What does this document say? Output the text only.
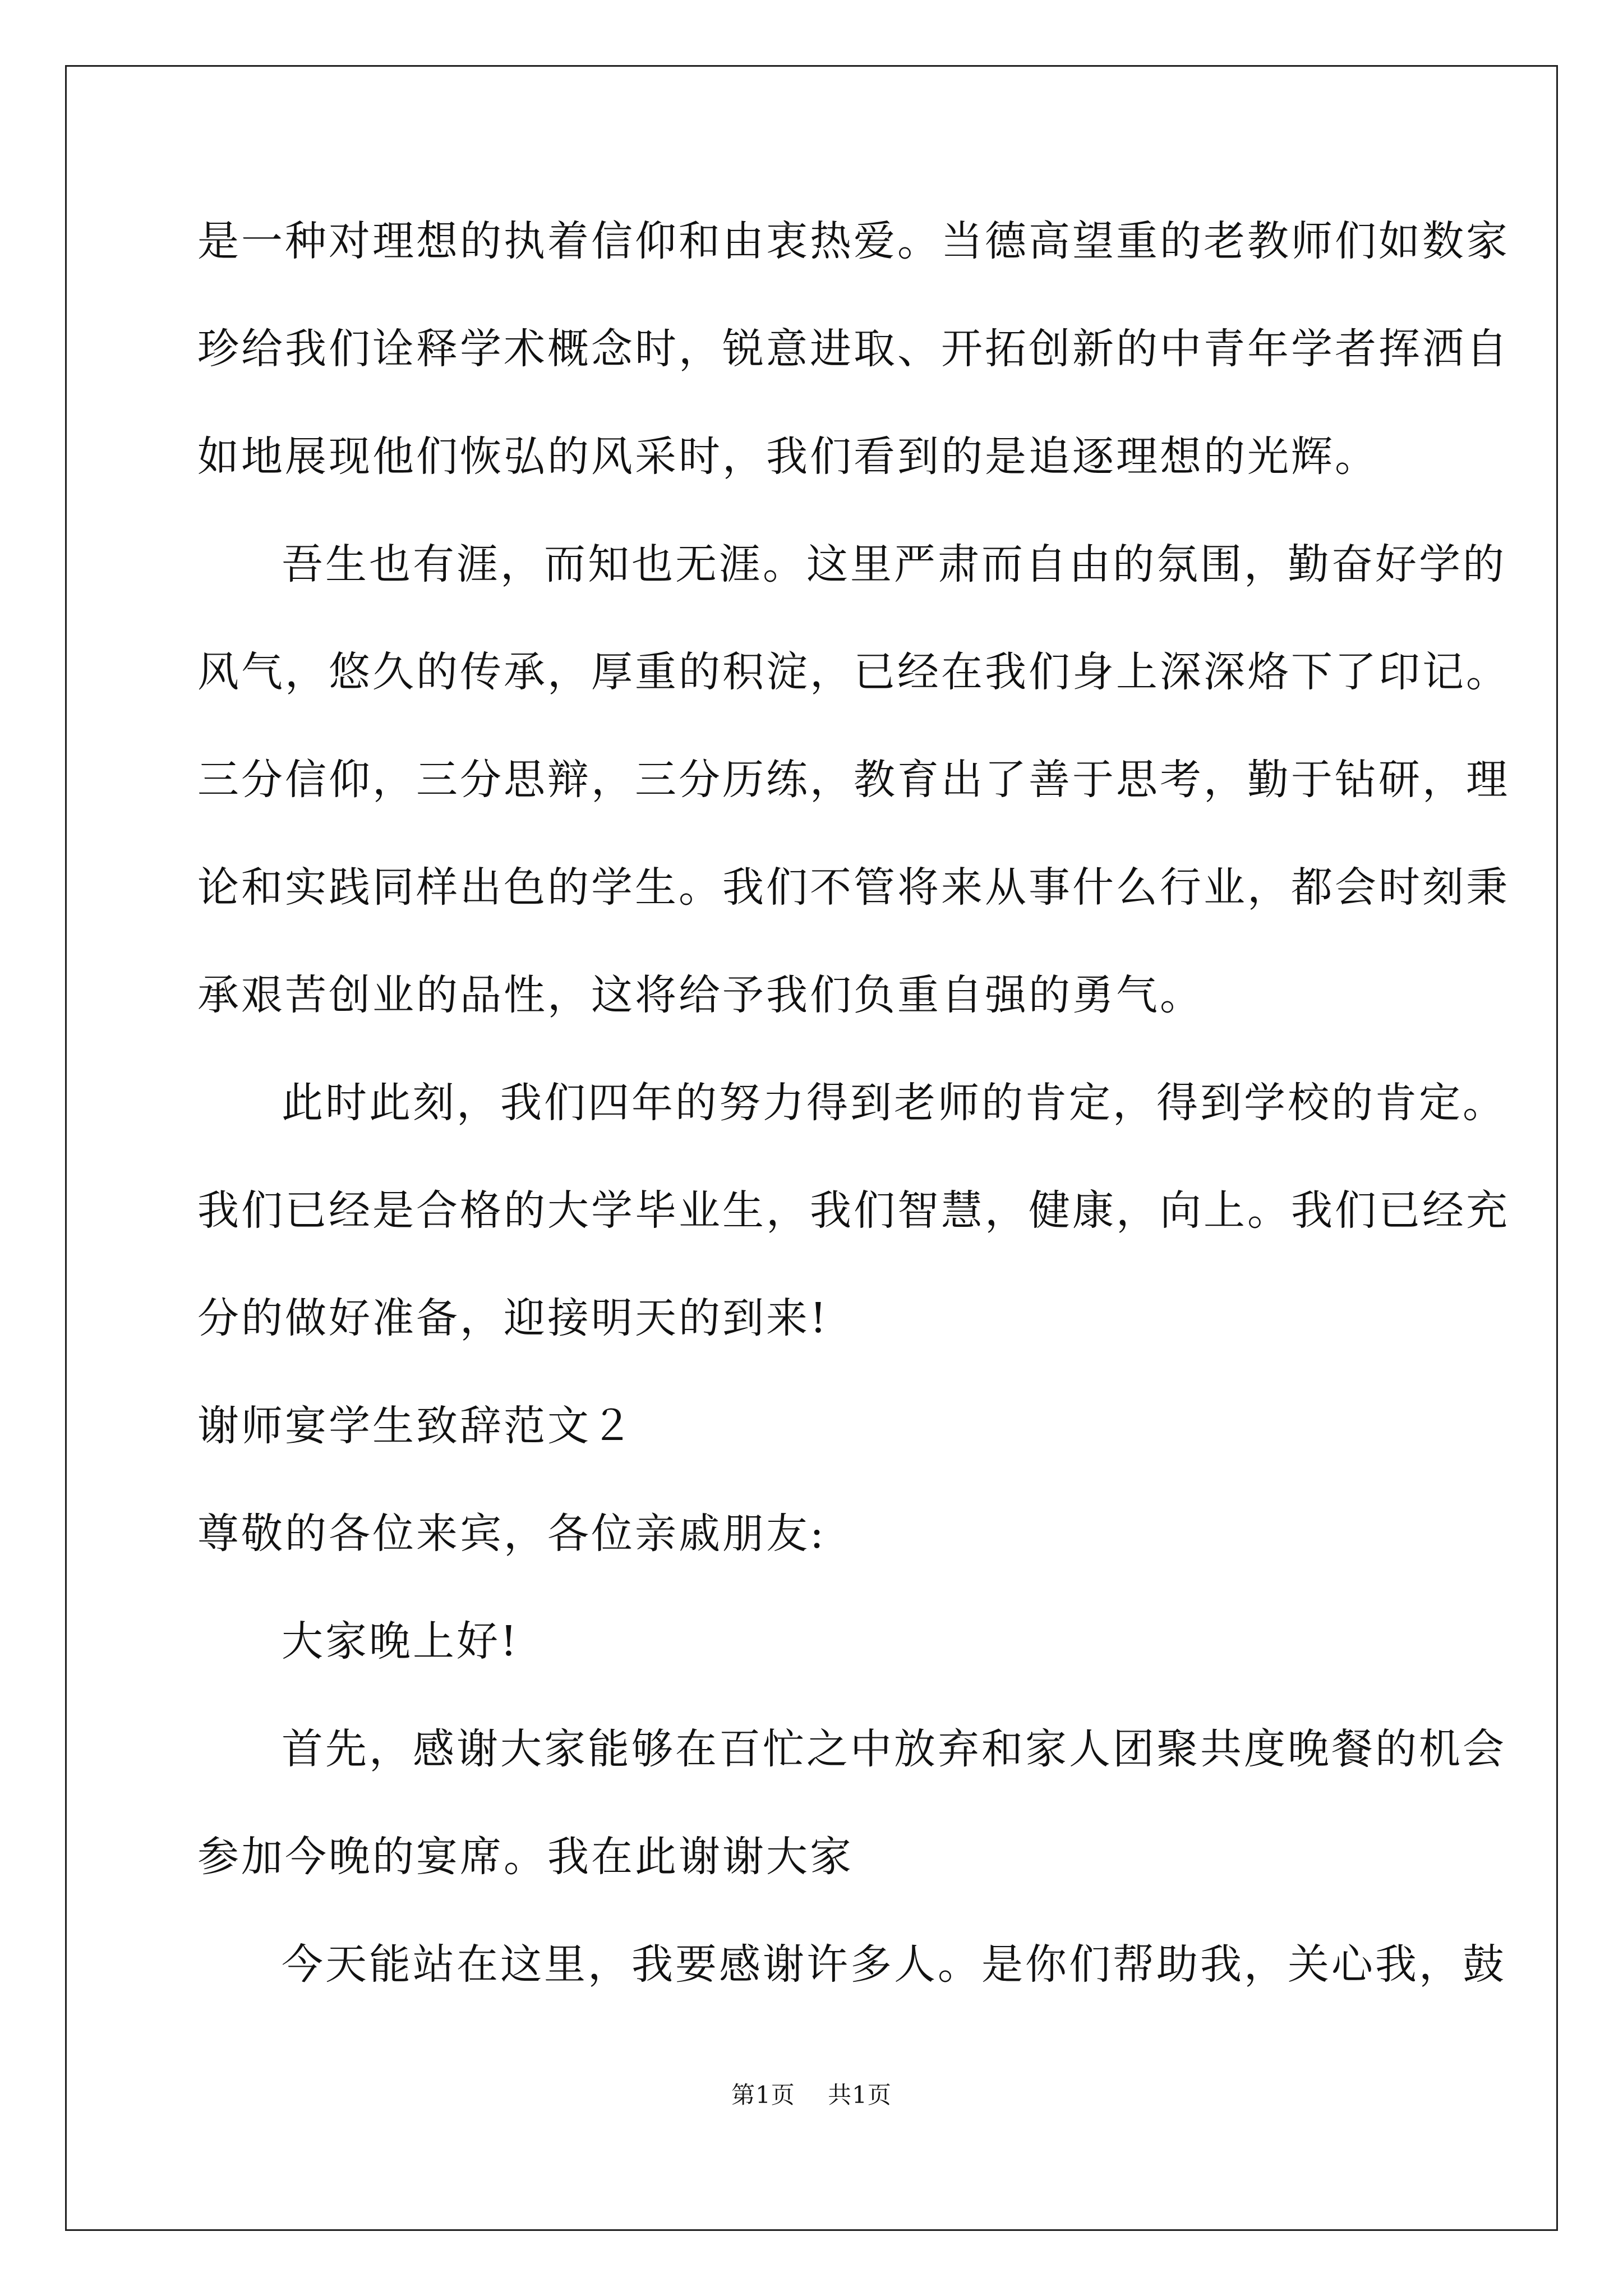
是一种对理想的执着信仰和由衷热爱。当德高望重的老教师们如数家
珍给我们诠释学术概念时，锐意进取、开拓创新的中青年学者挥洒自
如地展现他们恢弘的风采时，我们看到的是追逐理想的光辉。
吾生也有涯，而知也无涯。这里严肃而自由的氛围，勤奋好学的
风气，悠久的传承，厚重的积淀，已经在我们身上深深烙下了印记。
三分信仰，三分思辩，三分历练，教育出了善于思考，勤于钻研，理
论和实践同样出色的学生。我们不管将来从事什么行业，都会时刻秉
承艰苦创业的品性，这将给予我们负重自强的勇气。
此时此刻，我们四年的努力得到老师的肯定，得到学校的肯定。
我们已经是合格的大学毕业生，我们智慧，健康，向上。我们已经充
分的做好准备，迎接明天的到来!
谢师宴学生致辞范文２
尊敬的各位来宾，各位亲戚朋友:
大家晚上好!
首先，感谢大家能够在百忙之中放弃和家人团聚共度晚餐的机会
参加今晚的宴席。我在此谢谢大家
今天能站在这里，我要感谢许多人。是你们帮助我，关心我，鼓
第1页 共1页
